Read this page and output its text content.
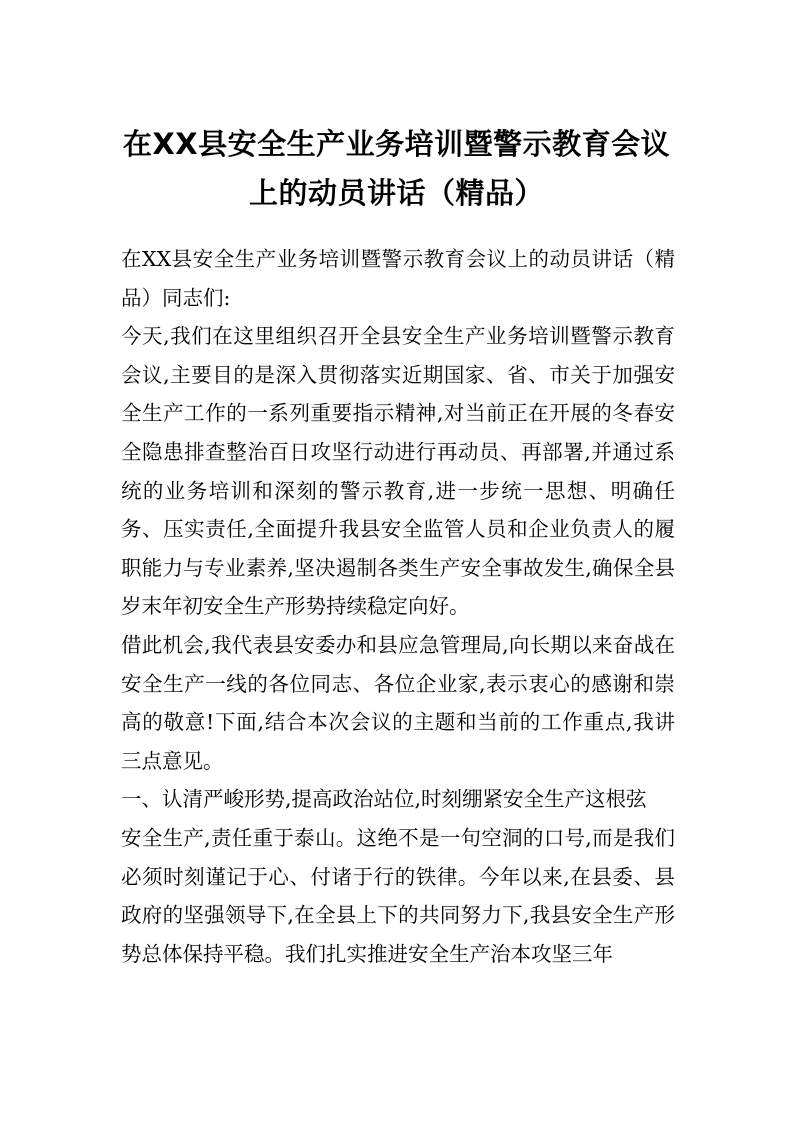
在XX县安全生产业务培训暨警示教育会议
上的动员讲话（精品）

在XX县安全生产业务培训暨警示教育会议上的动员讲话（精品）同志们:

今天,我们在这里组织召开全县安全生产业务培训暨警示教育会议,主要目的是深入贯彻落实近期国家、省、市关于加强安全生产工作的一系列重要指示精神,对当前正在开展的冬春安全隐患排查整治百日攻坚行动进行再动员、再部署,并通过系统的业务培训和深刻的警示教育,进一步统一思想、明确任务、压实责任,全面提升我县安全监管人员和企业负责人的履职能力与专业素养,坚决遏制各类生产安全事故发生,确保全县岁末年初安全生产形势持续稳定向好。

借此机会,我代表县安委办和县应急管理局,向长期以来奋战在安全生产一线的各位同志、各位企业家,表示衷心的感谢和崇高的敬意!下面,结合本次会议的主题和当前的工作重点,我讲三点意见。

一、认清严峻形势,提高政治站位,时刻绷紧安全生产这根弦

安全生产,责任重于泰山。这绝不是一句空洞的口号,而是我们必须时刻谨记于心、付诸于行的铁律。今年以来,在县委、县政府的坚强领导下,在全县上下的共同努力下,我县安全生产形势总体保持平稳。我们扎实推进安全生产治本攻坚三年
